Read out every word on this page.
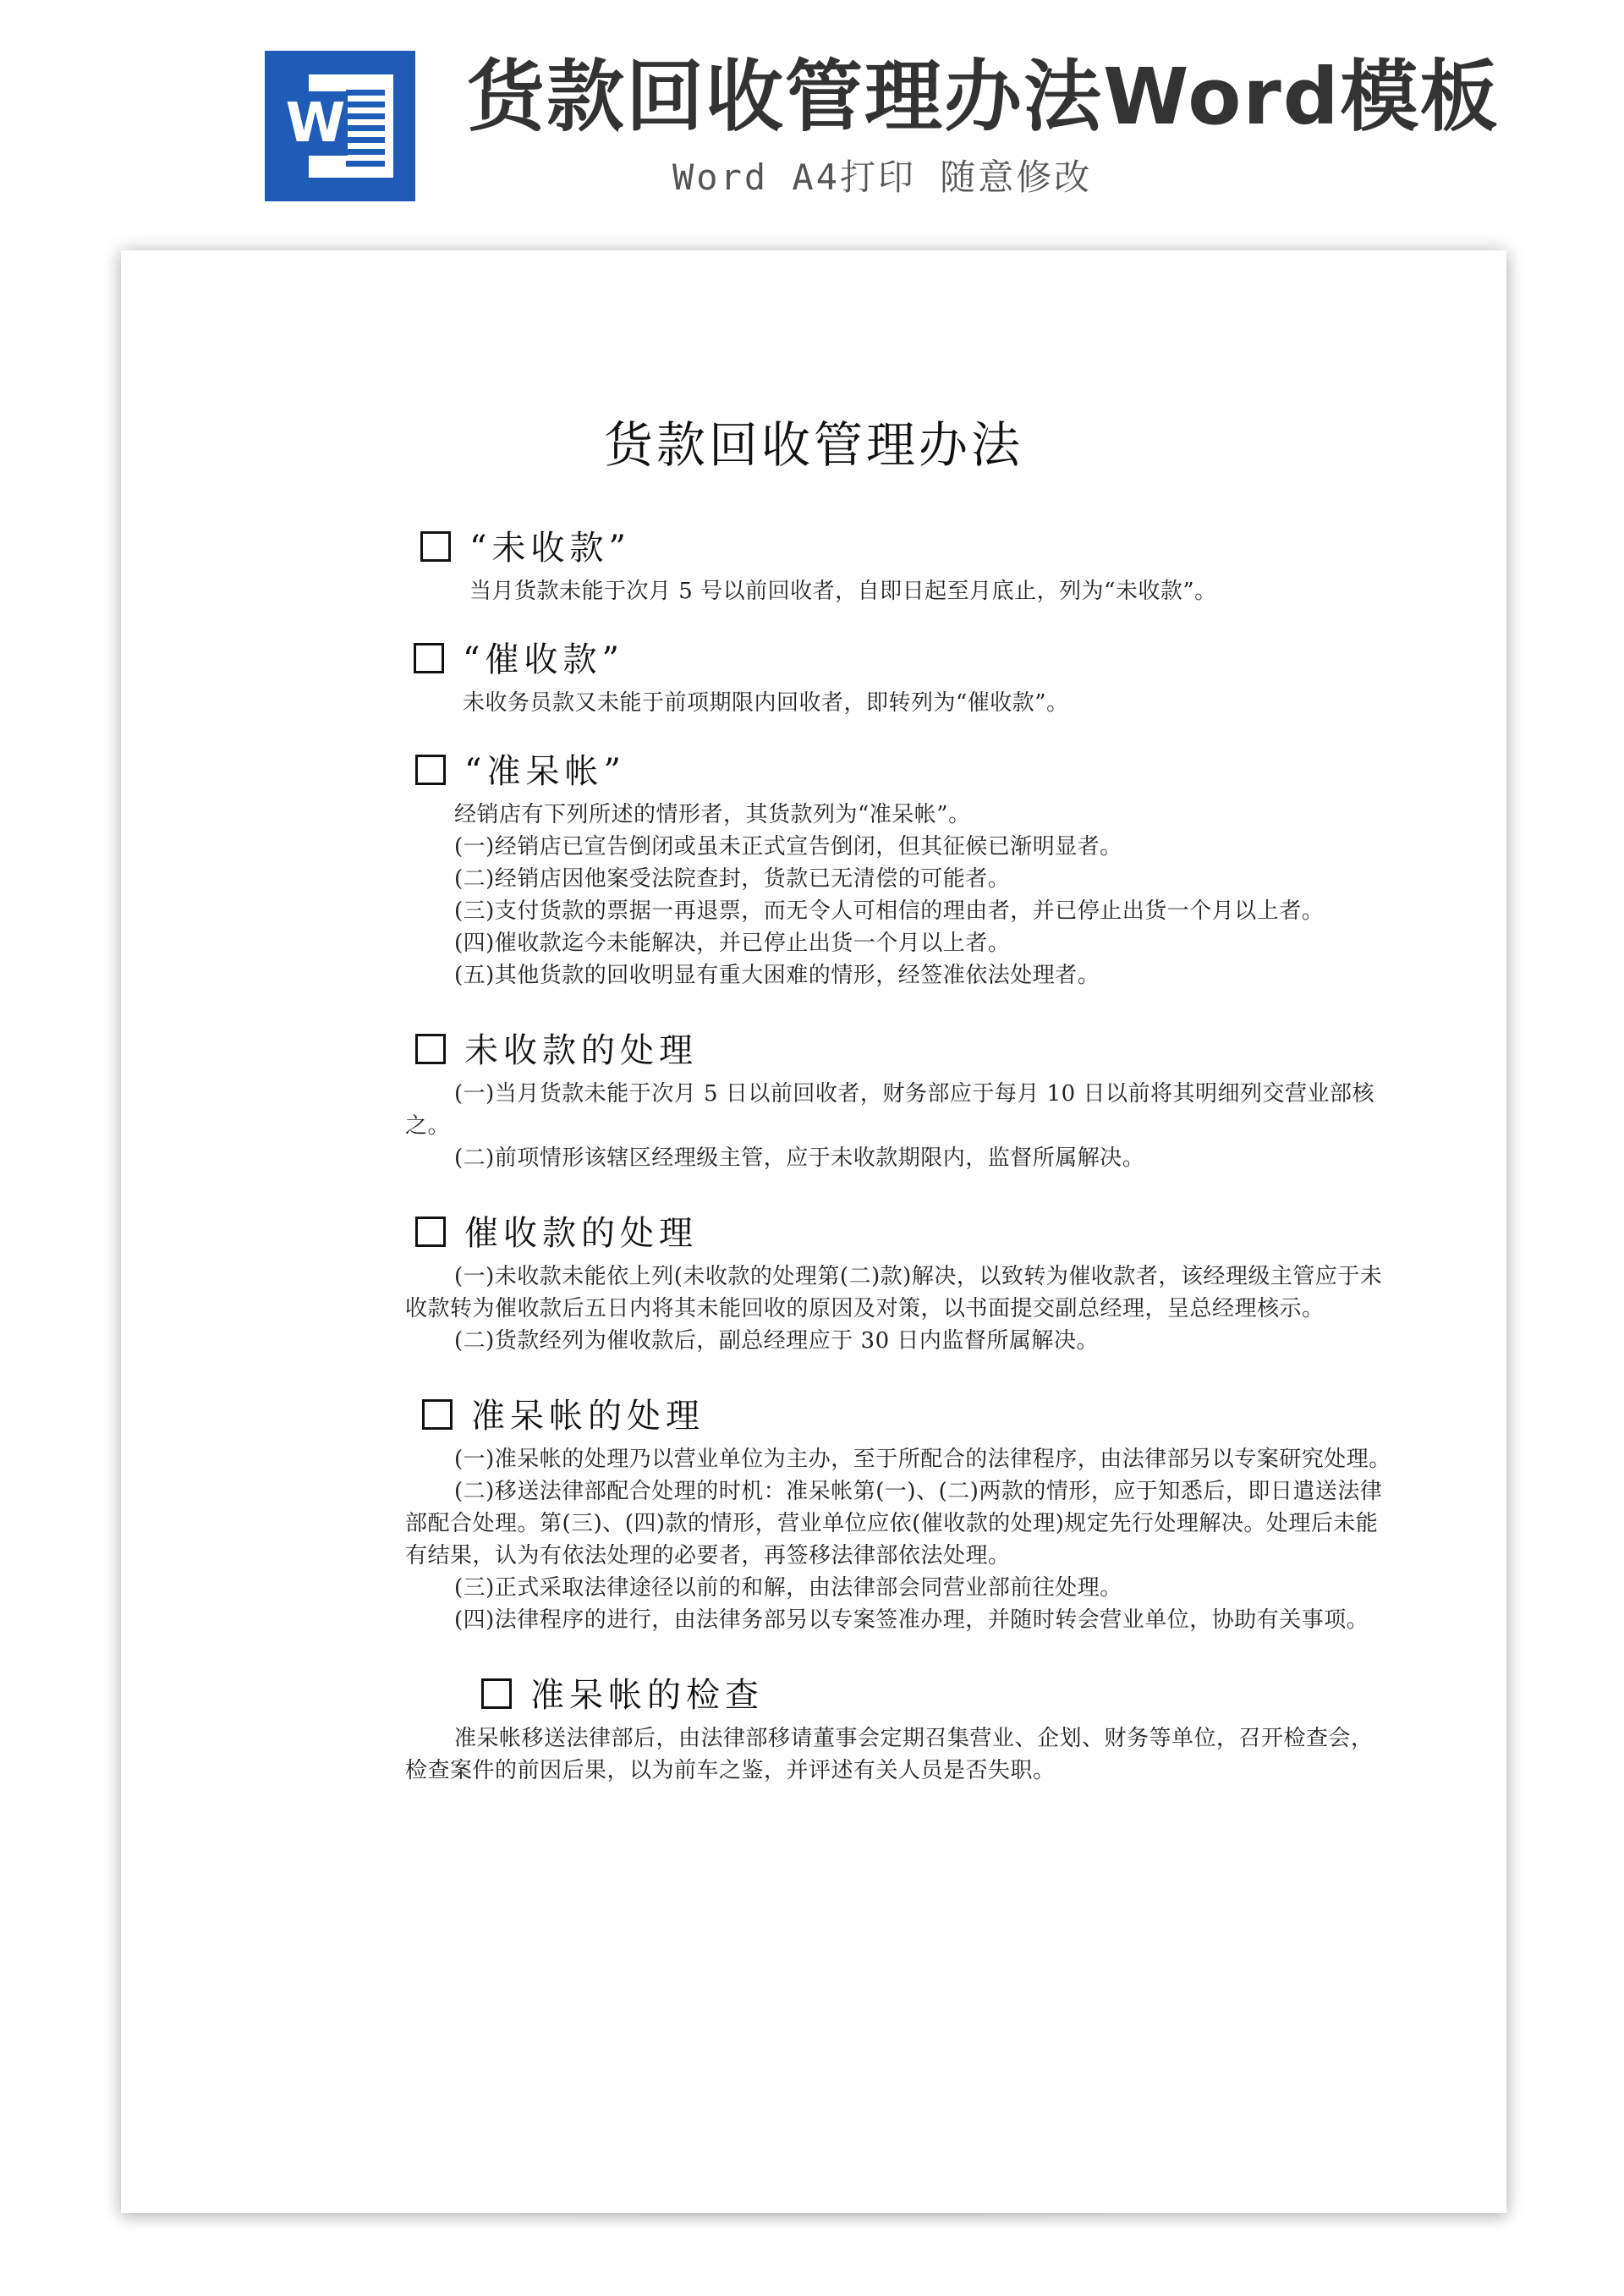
W 货款回收管理办法Word模板
Word A4打印 随意修改
货款回收管理办法
“未收款”

当月货款未能于次月 5 号以前回收者，自即日起至月底止，列为“未收款”。

“催收款”

未收务员款又未能于前项期限内回收者，即转列为“催收款”。

“准呆帐”

经销店有下列所述的情形者，其货款列为“准呆帐”。

(一)经销店已宣告倒闭或虽未正式宣告倒闭，但其征候已渐明显者。

(二)经销店因他案受法院查封，货款已无清偿的可能者。

(三)支付货款的票据一再退票，而无令人可相信的理由者，并已停止出货一个月以上者。

(四)催收款迄今未能解决，并已停止出货一个月以上者。

(五)其他货款的回收明显有重大困难的情形，经签准依法处理者。

未收款的处理

(一)当月货款未能于次月 5 日以前回收者，财务部应于每月 10 日以前将其明细列交营业部核之。

(二)前项情形该辖区经理级主管，应于未收款期限内，监督所属解决。

催收款的处理

(一)未收款未能依上列(未收款的处理第(二)款)解决，以致转为催收款者，该经理级主管应于未收款转为催收款后五日内将其未能回收的原因及对策，以书面提交副总经理，呈总经理核示。

(二)货款经列为催收款后，副总经理应于 30 日内监督所属解决。

准呆帐的处理

(一)准呆帐的处理乃以营业单位为主办，至于所配合的法律程序，由法律部另以专案研究处理。

(二)移送法律部配合处理的时机：准呆帐第(一)、(二)两款的情形，应于知悉后，即日遣送法律部配合处理。第(三)、(四)款的情形，营业单位应依(催收款的处理)规定先行处理解决。处理后未能有结果，认为有依法处理的必要者，再签移法律部依法处理。

(三)正式采取法律途径以前的和解，由法律部会同营业部前往处理。

(四)法律程序的进行，由法律务部另以专案签准办理，并随时转会营业单位，协助有关事项。

准呆帐的检查

准呆帐移送法律部后，由法律部移请董事会定期召集营业、企划、财务等单位，召开检查会，检查案件的前因后果，以为前车之鉴，并评述有关人员是否失职。
